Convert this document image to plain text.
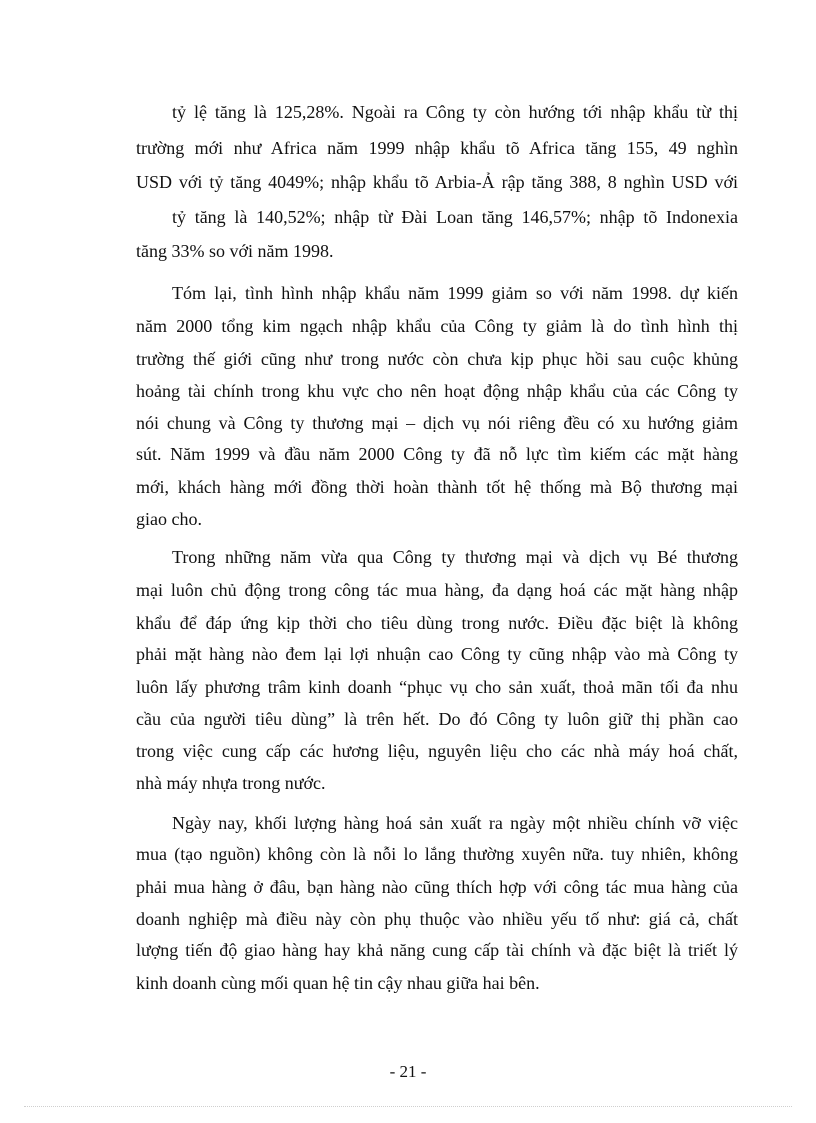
tỷ lệ tăng là 125,28%. Ngoài ra Công ty còn hướng tới nhập khẩu từ thị
trường mới như Africa năm 1999 nhập khẩu tõ Africa tăng 155, 49 nghìn
USD với tỷ tăng 4049%; nhập khẩu tõ Arbia-Ả rập tăng 388, 8 nghìn USD với
tỷ tăng là 140,52%; nhập từ Đài Loan tăng 146,57%; nhập tõ Indonexia
tăng 33% so với năm 1998.
Tóm lại, tình hình nhập khẩu năm 1999 giảm so với năm 1998. dự kiến
năm 2000 tổng kim ngạch nhập khẩu của Công ty giảm là do tình hình thị
trường thế giới cũng như trong nước còn chưa kịp phục hồi sau cuộc khủng
hoảng tài chính trong khu vực cho nên hoạt động nhập khẩu của các Công ty
nói chung và Công ty thương mại – dịch vụ nói riêng đều có xu hướng giảm
sút. Năm 1999 và đầu năm 2000 Công ty đã nỗ lực tìm kiếm các mặt hàng
mới, khách hàng mới đồng thời hoàn thành tốt hệ thống mà Bộ thương mại
giao cho.
Trong những năm vừa qua Công ty thương mại và dịch vụ Bé thương
mại luôn chủ động trong công tác mua hàng, đa dạng hoá các mặt hàng nhập
khẩu để đáp ứng kịp thời cho tiêu dùng trong nước. Điều đặc biệt là không
phải mặt hàng nào đem lại lợi nhuận cao Công ty cũng nhập vào mà Công ty
luôn lấy phương trâm kinh doanh “phục vụ cho sản xuất, thoả mãn tối đa nhu
cầu của người tiêu dùng” là trên hết. Do đó Công ty luôn giữ thị phần cao
trong việc cung cấp các hương liệu, nguyên liệu cho các nhà máy hoá chất,
nhà máy nhựa trong nước.
Ngày nay, khối lượng hàng hoá sản xuất ra ngày một nhiều chính vỡ việc
mua (tạo nguồn) không còn là nỗi lo lắng thường xuyên nữa. tuy nhiên, không
phải mua hàng ở đâu, bạn hàng nào cũng thích hợp với công tác mua hàng của
doanh nghiệp mà điều này còn phụ thuộc vào nhiều yếu tố như: giá cả, chất
lượng tiến độ giao hàng hay khả năng cung cấp tài chính và đặc biệt là triết lý
kinh doanh cùng mối quan hệ tin cậy nhau giữa hai bên.
- 21 -
